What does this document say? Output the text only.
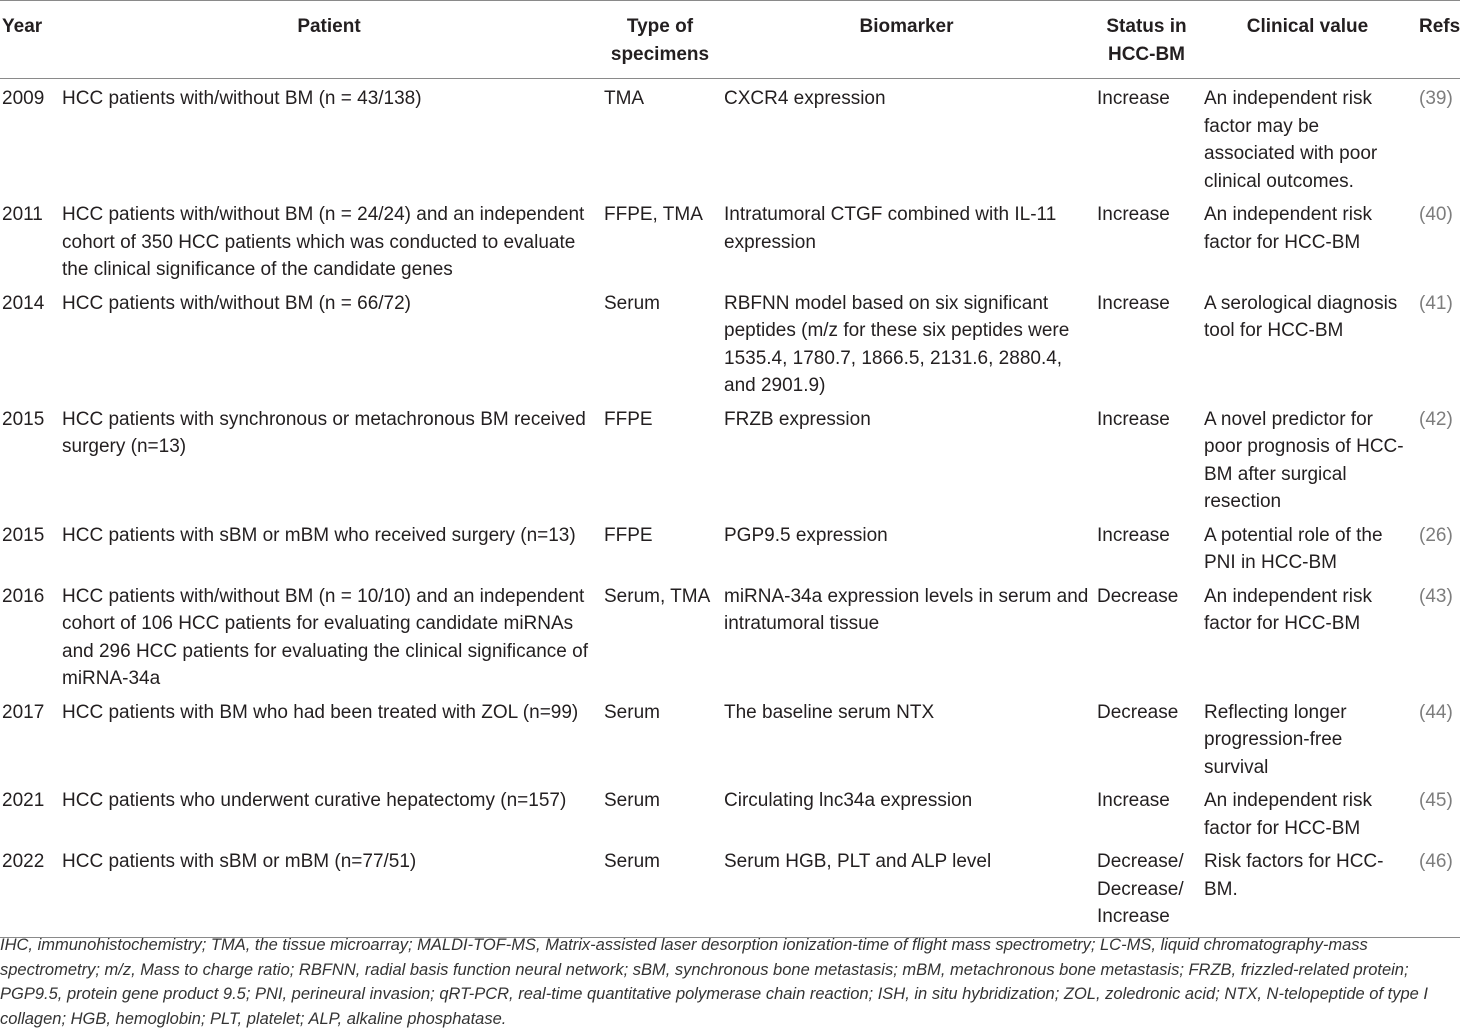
Year	Patient	Type of specimens	Biomarker	Status in HCC-BM	Clinical value	Refs
2009	HCC patients with/without BM (n = 43/138)	TMA	CXCR4 expression	Increase	An independent risk factor may be associated with poor clinical outcomes.	(39)
2011	HCC patients with/without BM (n = 24/24) and an independent cohort of 350 HCC patients which was conducted to evaluate the clinical significance of the candidate genes	FFPE, TMA	Intratumoral CTGF combined with IL-11 expression	Increase	An independent risk factor for HCC-BM	(40)
2014	HCC patients with/without BM (n = 66/72)	Serum	RBFNN model based on six significant peptides (m/z for these six peptides were 1535.4, 1780.7, 1866.5, 2131.6, 2880.4, and 2901.9)	Increase	A serological diagnosis tool for HCC-BM	(41)
2015	HCC patients with synchronous or metachronous BM received surgery (n=13)	FFPE	FRZB expression	Increase	A novel predictor for poor prognosis of HCC-BM after surgical resection	(42)
2015	HCC patients with sBM or mBM who received surgery (n=13)	FFPE	PGP9.5 expression	Increase	A potential role of the PNI in HCC-BM	(26)
2016	HCC patients with/without BM (n = 10/10) and an independent cohort of 106 HCC patients for evaluating candidate miRNAs and 296 HCC patients for evaluating the clinical significance of miRNA-34a	Serum, TMA	miRNA-34a expression levels in serum and intratumoral tissue	Decrease	An independent risk factor for HCC-BM	(43)
2017	HCC patients with BM who had been treated with ZOL (n=99)	Serum	The baseline serum NTX	Decrease	Reflecting longer progression-free survival	(44)
2021	HCC patients who underwent curative hepatectomy (n=157)	Serum	Circulating lnc34a expression	Increase	An independent risk factor for HCC-BM	(45)
2022	HCC patients with sBM or mBM (n=77/51)	Serum	Serum HGB, PLT and ALP level	Decrease/ Decrease/ Increase	Risk factors for HCC-BM.	(46)
IHC, immunohistochemistry; TMA, the tissue microarray; MALDI-TOF-MS, Matrix-assisted laser desorption ionization-time of flight mass spectrometry; LC-MS, liquid chromatography-mass spectrometry; m/z, Mass to charge ratio; RBFNN, radial basis function neural network; sBM, synchronous bone metastasis; mBM, metachronous bone metastasis; FRZB, frizzled-related protein; PGP9.5, protein gene product 9.5; PNI, perineural invasion; qRT-PCR, real-time quantitative polymerase chain reaction; ISH, in situ hybridization; ZOL, zoledronic acid; NTX, N-telopeptide of type I collagen; HGB, hemoglobin; PLT, platelet; ALP, alkaline phosphatase.
